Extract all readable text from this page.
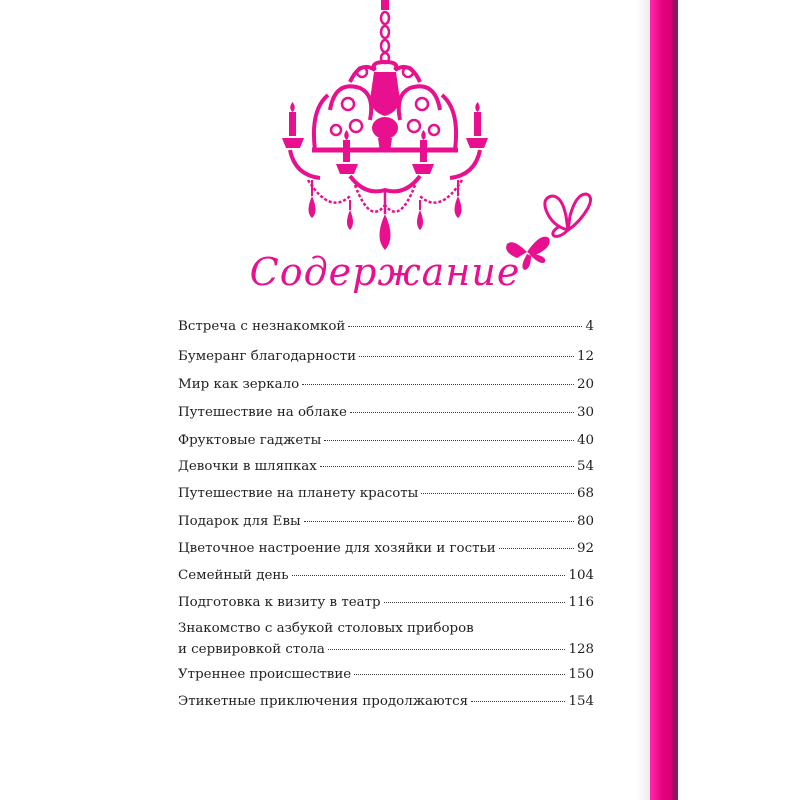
Содержание
Встреча с незнакомкой	4
Бумеранг благодарности	12
Мир как зеркало	20
Путешествие на облаке	30
Фруктовые гаджеты	40
Девочки в шляпках	54
Путешествие на планету красоты	68
Подарок для Евы	80
Цветочное настроение для хозяйки и гостьи	92
Семейный день	104
Подготовка к визиту в театр	116
Знакомство с азбукой столовых приборов
и сервировкой стола	128
Утреннее происшествие	150
Этикетные приключения продолжаются	154
